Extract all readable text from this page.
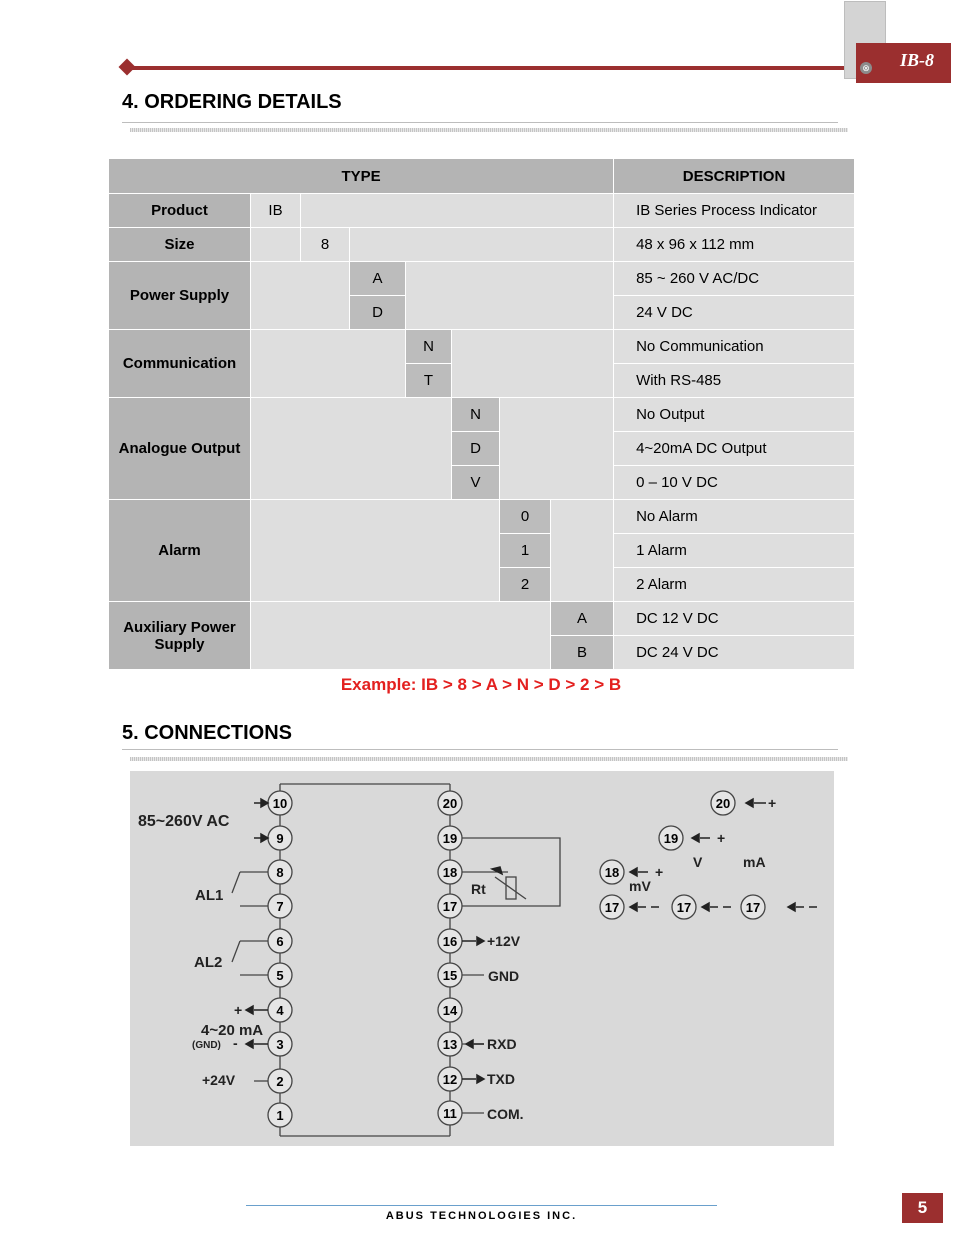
IB-8
⊗
4. ORDERING DETAILS
TYPE								DESCRIPTION
Product	IB							IB Series Process Indicator
Size		8						48 x 96 x 112 mm
Power Supply			A					85 ~ 260 V AC/DC
			D					24 V DC
Communication				N				No Communication
				T				With RS-485
Analogue Output					N			No Output
					D			4~20mA DC Output
					V			0 – 10 V DC
Alarm						0		No Alarm
						1		1 Alarm
						2		2 Alarm
Auxiliary Power Supply							A	DC 12 V DC
							B	DC 24 V DC
Example: IB > 8 > A > N > D > 2 > B
5. CONNECTIONS
10
9
8
7
6
5
4
3
2
1
20
19
18
17
16
15
14
13
12
11
20
19
18
17	17	17
85~260V AC
AL1
AL2
+
4~20 mA
(GND) -
+24V
Rt
+12V
GND
RXD
TXD
COM.
+
+
+
V	mA
mV
ABUS TECHNOLOGIES INC.	5
